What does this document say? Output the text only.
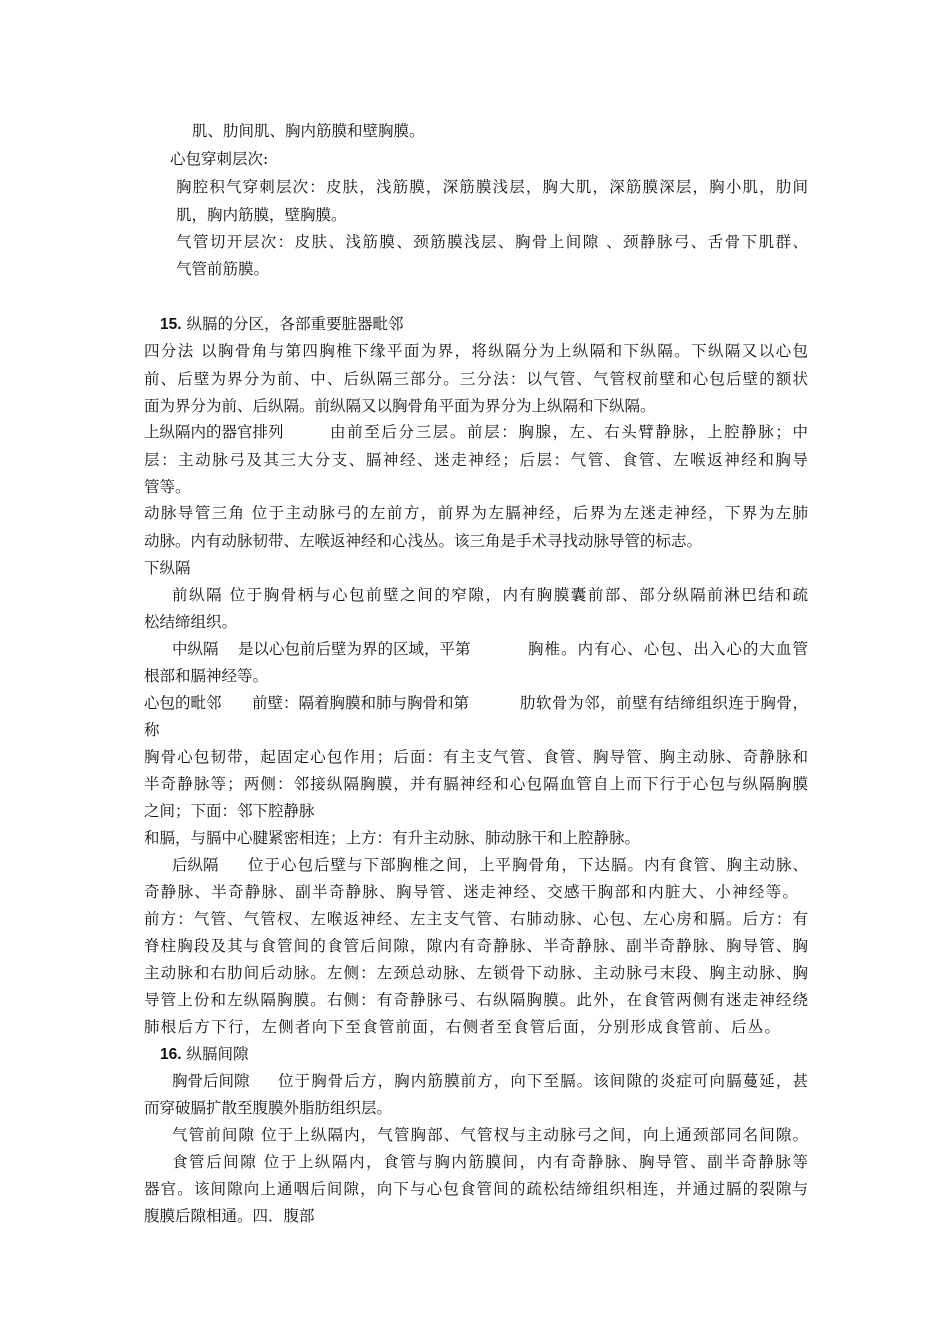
肌、肋间肌、胸内筋膜和壁胸膜。
心包穿刺层次:
胸腔积气穿刺层次：皮肤，浅筋膜，深筋膜浅层，胸大肌，深筋膜深层，胸小肌，肋间
肌，胸内筋膜，壁胸膜。
气管切开层次：皮肤、浅筋膜、颈筋膜浅层、胸骨上间隙 、颈静脉弓、舌骨下肌群、
气管前筋膜。
15. 纵膈的分区，各部重要脏器毗邻
四分法 以胸骨角与第四胸椎下缘平面为界，将纵隔分为上纵隔和下纵隔。下纵隔又以心包
前、后壁为界分为前、中、后纵隔三部分。三分法：以气管、气管杈前壁和心包后壁的额状
面为界分为前、后纵隔。前纵隔又以胸骨角平面为界分为上纵隔和下纵隔。
上纵隔内的器官排列	由前至后分三层。前层：胸腺，左、右头臂静脉，上腔静脉；中
层：主动脉弓及其三大分支、膈神经、迷走神经；后层：气管、食管、左喉返神经和胸导
管等。
动脉导管三角 位于主动脉弓的左前方，前界为左膈神经，后界为左迷走神经，下界为左肺
动脉。内有动脉韧带、左喉返神经和心浅丛。该三角是手术寻找动脉导管的标志。
下纵隔
前纵隔 位于胸骨柄与心包前壁之间的窄隙，内有胸膜囊前部、部分纵隔前淋巴结和疏
松结缔组织。
中纵隔 是以心包前后壁为界的区域，平第	胸椎。内有心、心包、出入心的大血管
根部和膈神经等。
心包的毗邻 前壁：隔着胸膜和肺与胸骨和第	肋软骨为邻，前壁有结缔组织连于胸骨，
称
胸骨心包韧带，起固定心包作用；后面：有主支气管、食管、胸导管、胸主动脉、奇静脉和
半奇静脉等；两侧：邻接纵隔胸膜，并有膈神经和心包隔血管自上而下行于心包与纵隔胸膜
之间；下面：邻下腔静脉
和膈，与膈中心腱紧密相连；上方：有升主动脉、肺动脉干和上腔静脉。
后纵隔 位于心包后壁与下部胸椎之间，上平胸骨角，下达膈。内有食管、胸主动脉、
奇静脉、半奇静脉、副半奇静脉、胸导管、迷走神经、交感干胸部和内脏大、小神经等。
前方：气管、气管杈、左喉返神经、左主支气管、右肺动脉、心包、左心房和膈。后方：有
脊柱胸段及其与食管间的食管后间隙，隙内有奇静脉、半奇静脉、副半奇静脉、胸导管、胸
主动脉和右肋间后动脉。左侧：左颈总动脉、左锁骨下动脉、主动脉弓末段、胸主动脉、胸
导管上份和左纵隔胸膜。右侧：有奇静脉弓、右纵隔胸膜。此外，在食管两侧有迷走神经绕
肺根后方下行，左侧者向下至食管前面，右侧者至食管后面，分别形成食管前、后丛。
16. 纵膈间隙
胸骨后间隙 位于胸骨后方，胸内筋膜前方，向下至膈。该间隙的炎症可向膈蔓延，甚
而穿破膈扩散至腹膜外脂肪组织层。
气管前间隙 位于上纵隔内，气管胸部、气管杈与主动脉弓之间，向上通颈部同名间隙。
食管后间隙 位于上纵隔内，食管与胸内筋膜间，内有奇静脉、胸导管、副半奇静脉等
器官。该间隙向上通咽后间隙，向下与心包食管间的疏松结缔组织相连，并通过膈的裂隙与
腹膜后隙相通。四．腹部
